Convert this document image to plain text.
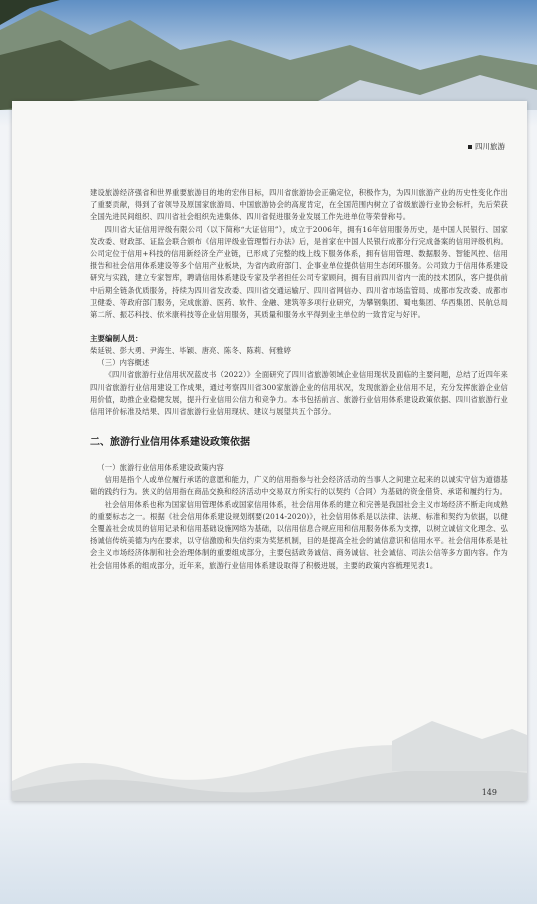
四川旅游

建设旅游经济强省和世界重要旅游目的地的宏伟目标，四川省旅游协会正确定位，积极作为，为四川旅游产业的历史性变化作出了重要贡献，得到了省领导及原国家旅游局、中国旅游协会的高度肯定，在全国范围内树立了省级旅游行业协会标杆，先后荣获全国先进民间组织、四川省社会组织先进集体、四川省促进服务业发展工作先进单位等荣誉称号。

四川省大证信用评级有限公司（以下简称“大证信用”），成立于2006年，拥有16年信用服务历史，是中国人民银行、国家发改委、财政部、证监会联合颁布《信用评级业管理暂行办法》后，是首家在中国人民银行成都分行完成备案的信用评级机构。公司定位于信用+科技的信用新经济全产业链，已形成了完整的线上线下服务体系，拥有信用管理、数据服务、智能风控、信用报告和社会信用体系建设等多个信用产业板块，为省内政府部门、企事业单位提供信用生态闭环服务。公司致力于信用体系建设研究与实践，建立专家智库，聘请信用体系建设专家及学者担任公司专家顾问，拥有目前四川省内一流的技术团队，客户提供前中后期全链条优质服务，持续为四川省发改委、四川省交通运输厅、四川省网信办、四川省市场监管局、成都市发改委、成都市卫健委、等政府部门服务，完成旅游、医药、软件、金融、建筑等多项行业研究，为攀钢集团、蜀电集团、华西集团、民航总局第二所、振芯科技、依米康科技等企业信用服务，其质量和服务水平得到业主单位的一致肯定与好评。

主要编制人员：

柴延锐、彭大勇、尹海生、毕颖、唐亮、陈冬、陈莉、何雅婷

（三）内容概述

《四川省旅游行业信用状况蓝皮书（2022）》全面研究了四川省旅游领域企业信用现状及面临的主要问题，总结了近四年来四川省旅游行业信用建设工作成果，通过考察四川省300家旅游企业的信用状况，发现旅游企业信用不足，充分发挥旅游企业信用价值，助推企业稳健发展，提升行业信用公信力和竞争力。本书包括前言、旅游行业信用体系建设政策依据、四川省旅游行业信用评价标准及结果、四川省旅游行业信用现状、建议与展望共五个部分。

二、旅游行业信用体系建设政策依据

（一）旅游行业信用体系建设政策内容

信用是指个人或单位履行承诺的意愿和能力，广义的信用指参与社会经济活动的当事人之间建立起来的以诚实守信为道德基础的践约行为。狭义的信用指在商品交换和经济活动中交易双方所实行的以契约（合同）为基础的资金借贷、承诺和履约行为。

社会信用体系也称为国家信用管理体系或国家信用体系，社会信用体系的建立和完善是我国社会主义市场经济不断走向成熟的重要标志之一。根据《社会信用体系建设规划纲要(2014-2020)》，社会信用体系是以法律、法规、标准和契约为依据，以健全覆盖社会成员的信用记录和信用基础设施网络为基础，以信用信息合规应用和信用服务体系为支撑，以树立诚信文化理念、弘扬诚信传统美德为内在要求，以守信激励和失信约束为奖惩机制，目的是提高全社会的诚信意识和信用水平。社会信用体系是社会主义市场经济体制和社会治理体制的重要组成部分，主要包括政务诚信、商务诚信、社会诚信、司法公信等多方面内容。作为社会信用体系的组成部分，近年来，旅游行业信用体系建设取得了积极进展，主要的政策内容梳理见表1。

149
